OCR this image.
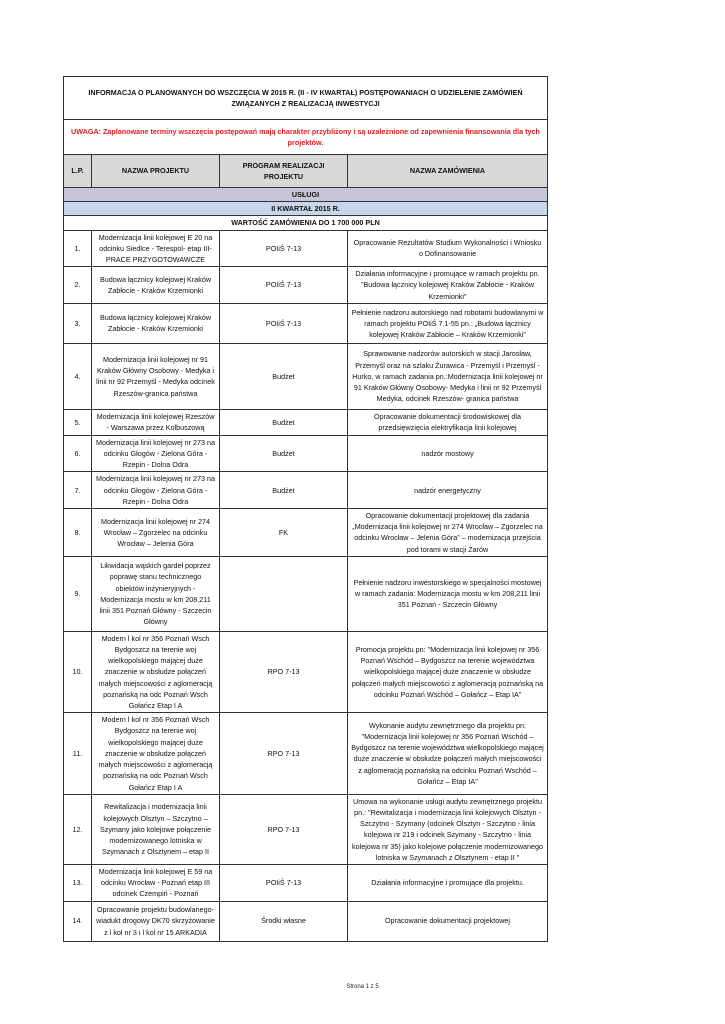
INFORMACJA O PLANOWANYCH DO WSZCZĘCIA W 2015 R. (II - IV KWARTAŁ) POSTĘPOWANIACH O UDZIELENIE ZAMÓWIEŃ ZWIĄZANYCH Z REALIZACJĄ INWESTYCJI			
UWAGA: Zaplanowane terminy wszczęcia postępowań mają charakter przybliżony i są uzależnione od zapewnienia finansowania dla tych projektów.			
L.P.	NAZWA PROJEKTU	PROGRAM REALIZACJI PROJEKTU	NAZWA ZAMÓWIENIA
USŁUGI			
II KWARTAŁ 2015 R.			
WARTOŚĆ ZAMÓWIENIA DO 1 700 000 PLN			
1.	Modernizacja linii kolejowej E 20 na odcinku Siedlce - Terespol- etap III- PRACE PRZYGOTOWAWCZE	POIiŚ 7-13	Opracowanie Rezultatów Studium Wykonalności i Wniosku o Dofinansowanie
2.	Budowa łącznicy kolejowej Kraków Zabłocie - Kraków Krzemionki	POIiŚ 7-13	Działania informacyjne i promujące w ramach projektu pn. "Budowa łącznicy kolejowej Kraków Zabłocie - Kraków Krzemionki"
3.	Budowa łącznicy kolejowej Kraków Zabłocie - Kraków Krzemionki	POIiŚ 7-13	Pełnienie nadzoru autorskiego nad robotami budowlanymi w ramach projektu POIiŚ 7.1-55 pn.: „Budowa łącznicy kolejowej Kraków Zabłocie – Kraków Krzemionki”
4.	Modernizacja linii kolejowej nr 91 Kraków Główny Osobowy - Medyka i linii nr 92 Przemyśl - Medyka odcinek Rzeszów-granica państwa	Budżet	Sprawowanie nadzorów autorskich w stacji Jarosław, Przemyśl oraz na szlaku Żurawica - Przemyśl i Przemyśl - Hurko, w ramach zadania pn.:Modernizacja linii kolejowej nr 91 Kraków Główny Osobowy- Medyka i linii nr 92 Przemyśl Medyka, odcinek Rzeszów- granica państwa
5.	Modernizacja linii kolejowej Rzeszów - Warszawa przez Kolbuszową	Budżet	Opracowanie dokumentacji środowiskowej dla przedsięwzięcia elektryfikacja linii kolejowej
6.	Modernizacja linii kolejowej nr 273 na odcinku Głogów - Zielona Góra - Rzepin - Dolna Odra	Budżet	nadzór mostowy
7.	Modernizacja linii kolejowej nr 273 na odcinku Głogów - Zielona Góra - Rzepin - Dolna Odra	Budżet	nadzór energetyczny
8.	Modernizacja linii kolejowej nr 274 Wrocław – Zgorzelec na odcinku Wrocław – Jelenia Góra	FK	Opracowanie dokumentacji projektowej dla zadania „Modernizacja linii kolejowej nr 274 Wrocław – Zgorzelec na odcinku Wrocław – Jelenia Góra” – modernizacja przejścia pod torami w stacji Żarów
9.	Likwidacja wąskich gardeł poprzez poprawę stanu technicznego obiektów inżynieryjnych - Modernizacja mostu w km 208,211 linii 351 Poznań Główny - Szczecin Główny		Pełnienie nadzoru inwestorskiego w specjalności mostowej w ramach zadania: Modernizacja mostu w km 208,211 linii 351 Poznań - Szczecin Główny
10.	Modern l kol nr 356 Poznań Wsch Bydgoszcz na terenie woj wielkopolskiego mającej duże znaczenie w obsłudze połączeń małych miejscowości z aglomeracją poznańską na odc Poznań Wsch Gołańcz Etap I A	RPO 7-13	Promocja projektu pn: "Modernizacja linii kolejowej nr 356 Poznań Wschód – Bydgoszcz na terenie województwa wielkopolskiego mającej duże znaczenie w obsłudze połączeń małych miejscowości z aglomeracją poznańską na odcinku Poznań Wschód – Gołańcz – Etap IA”
11.	Modern l kol nr 356 Poznań Wsch Bydgoszcz na terenie woj wielkopolskiego mającej duże znaczenie w obsłudze połączeń małych miejscowości z aglomeracją poznańską na odc Poznań Wsch Gołańcz Etap I A	RPO 7-13	Wykonanie audytu zewnętrznego dla projektu pn: "Modernizacja linii kolejowej nr 356 Poznań Wschód – Bydgoszcz na terenie województwa wielkopolskiego mającej duże znaczenie w obsłudze połączeń małych miejscowości z aglomeracją poznańską na odcinku Poznań Wschód – Gołańcz – Etap IA"
12.	Rewitalizacja i modernizacja linii kolejowych Olsztyn – Szczytno – Szymany jako kolejowe połączenie modernizowanego lotniska w Szymanach z Olsztynem – etap II	RPO 7-13	Umowa na wykonanie usługi audytu zewnętrznego projektu pn.: "Rewitalizacja i modernizacja linii kolejowych Olsztyn - Szczytno - Szymany (odcinek Olsztyn - Szczytno - linia kolejowa nr 219 i odcinek Szymany - Szczytno - linia kolejowa nr 35) jako kolejowe połączenie modernizowanego lotniska w Szymanach z Olsztynem - etap II "
13.	Modernizacja linii kolejowej E 59 na odcinku Wrocław - Poznań etap III odcinek Czempiń - Poznań	POIiŚ 7-13	Działania informacyjne i promujące dla projektu.
14.	Opracowanie projektu budowlanego-wiadukt drogowy DK70 skrzyżowanie z l kol nr 3 i l kol nr 15 ARKADIA	Środki własne	Opracowanie dokumentacji projektowej
Strona 1 z 5
